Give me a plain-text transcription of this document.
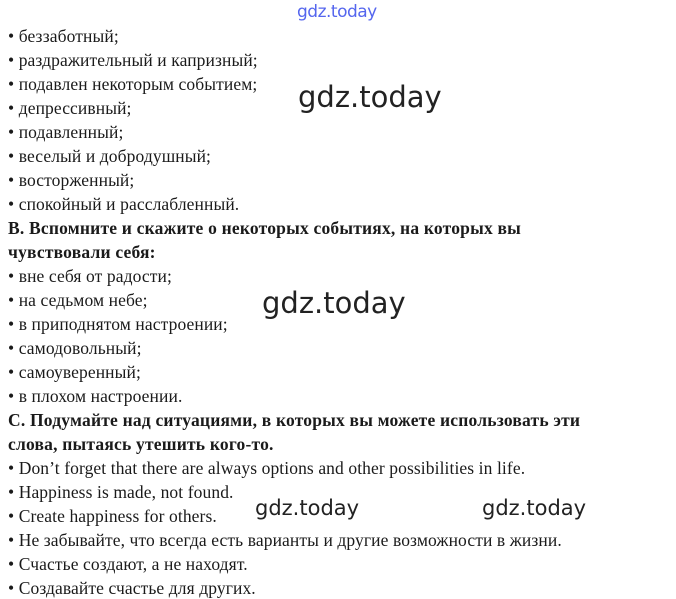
gdz.today
• беззаботный;
• раздражительный и капризный;
• подавлен некоторым событием;
• депрессивный;
• подавленный;
• веселый и добродушный;
• восторженный;
• спокойный и расслабленный.
B. Вспомните и скажите о некоторых событиях, на которых вы
чувствовали себя:
• вне себя от радости;
• на седьмом небе;
• в приподнятом настроении;
• самодовольный;
• самоуверенный;
• в плохом настроении.
C. Подумайте над ситуациями, в которых вы можете использовать эти
слова, пытаясь утешить кого-то.
• Don’t forget that there are always options and other possibilities in life.
• Happiness is made, not found.
• Create happiness for others.
• Не забывайте, что всегда есть варианты и другие возможности в жизни.
• Счастье создают, а не находят.
• Создавайте счастье для других.
gdz.today
gdz.today
gdz.today	gdz.today
